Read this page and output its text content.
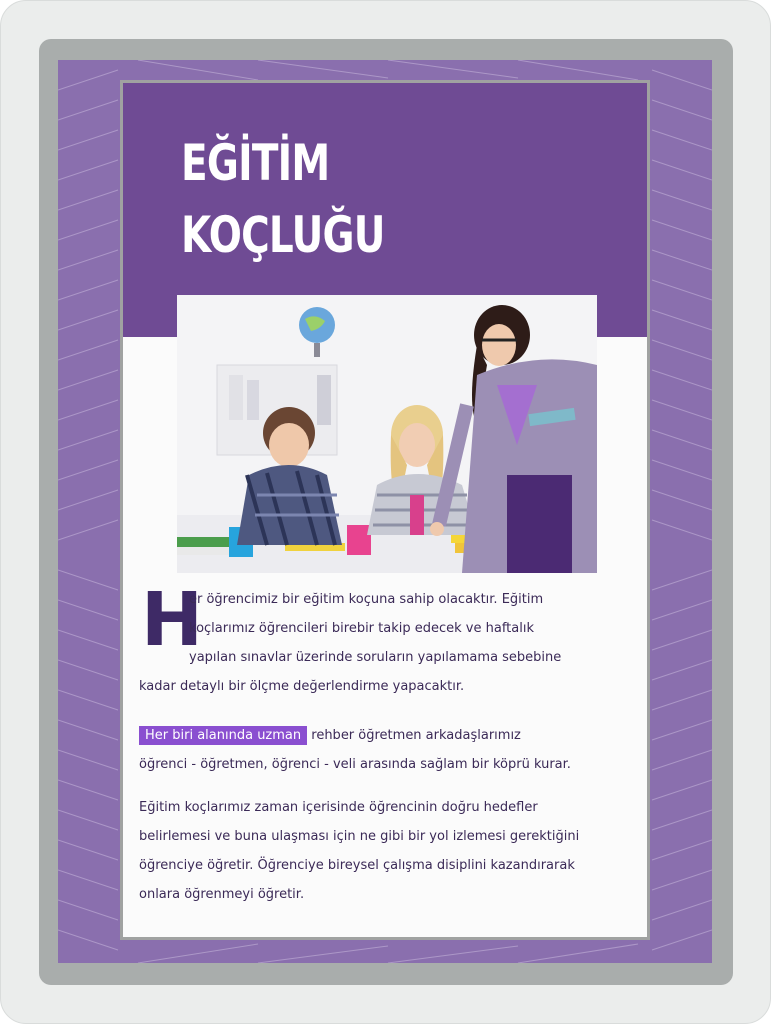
EĞİTİM
KOÇLUĞU
H
er öğrencimiz bir eğitim koçuna sahip olacaktır. Eğitim
koçlarımız öğrencileri birebir takip edecek ve haftalık
yapılan sınavlar üzerinde soruların yapılamama sebebine
kadar detaylı bir ölçme değerlendirme yapacaktır.
Her biri alanında uzman rehber öğretmen arkadaşlarımız
öğrenci - öğretmen, öğrenci - veli arasında sağlam bir köprü kurar.
Eğitim koçlarımız zaman içerisinde öğrencinin doğru hedefler
belirlemesi ve buna ulaşması için ne gibi bir yol izlemesi gerektiğini
öğrenciye öğretir. Öğrenciye bireysel çalışma disiplini kazandırarak
onlara öğrenmeyi öğretir.
